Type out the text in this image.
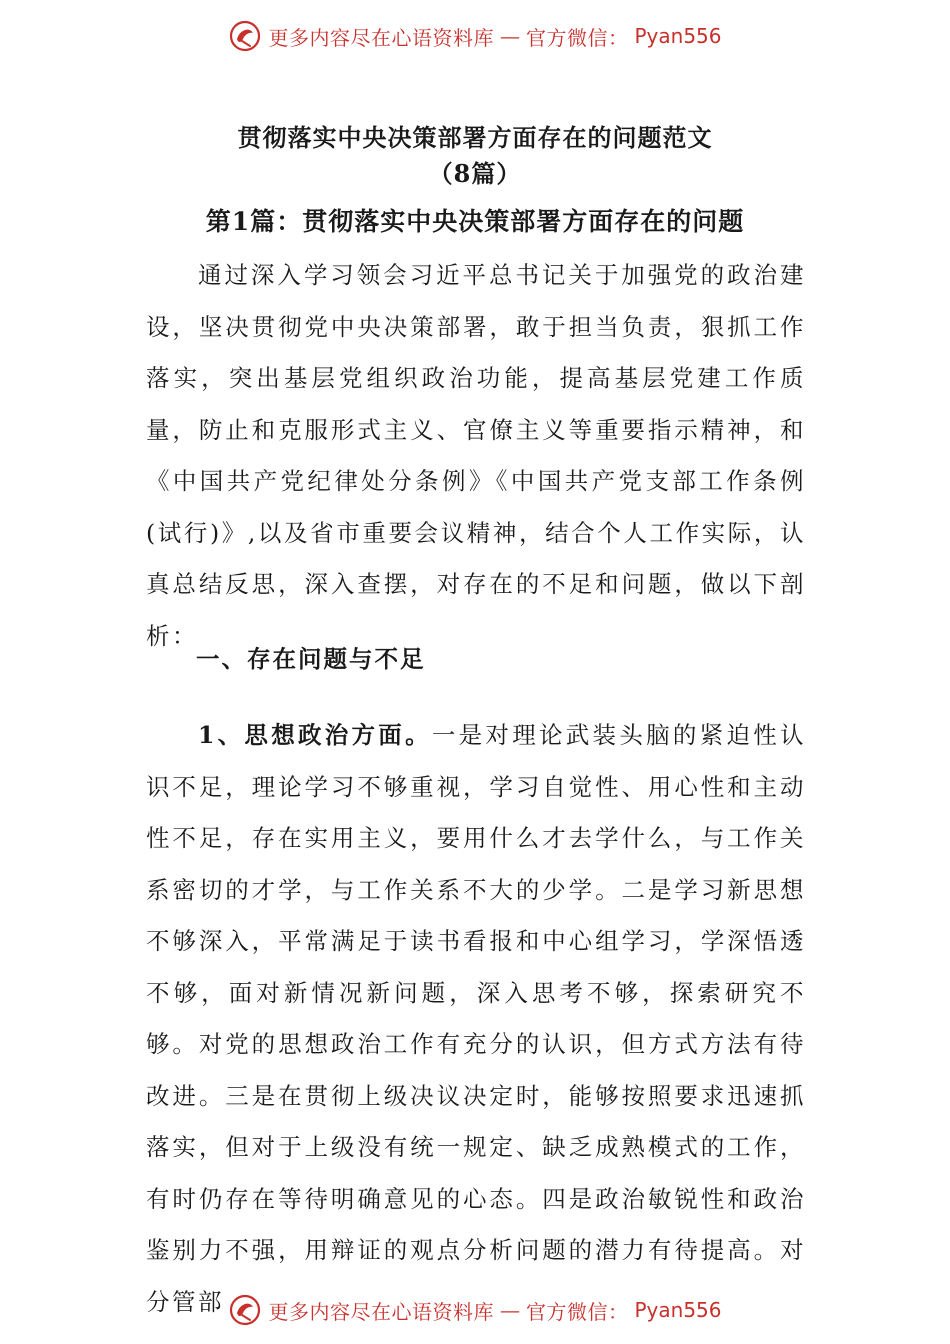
更多内容尽在心语资料库 — 官方微信： Pyan556
贯彻落实中央决策部署方面存在的问题范文
（8篇）
第1篇：贯彻落实中央决策部署方面存在的问题
通过深入学习领会习近平总书记关于加强党的政治建设，坚决贯彻党中央决策部署，敢于担当负责，狠抓工作落实，突出基层党组织政治功能，提高基层党建工作质量，防止和克服形式主义、官僚主义等重要指示精神，和《中国共产党纪律处分条例》《中国共产党支部工作条例(试行)》,以及省市重要会议精神，结合个人工作实际，认真总结反思，深入查摆，对存在的不足和问题，做以下剖析：
一、存在问题与不足
1、思想政治方面。一是对理论武装头脑的紧迫性认识不足，理论学习不够重视，学习自觉性、用心性和主动性不足，存在实用主义，要用什么才去学什么，与工作关系密切的才学，与工作关系不大的少学。二是学习新思想不够深入，平常满足于读书看报和中心组学习，学深悟透不够，面对新情况新问题，深入思考不够，探索研究不够。对党的思想政治工作有充分的认识，但方式方法有待改进。三是在贯彻上级决议决定时，能够按照要求迅速抓落实，但对于上级没有统一规定、缺乏成熟模式的工作，有时仍存在等待明确意见的心态。四是政治敏锐性和政治鉴别力不强，用辩证的观点分析问题的潜力有待提高。对分管部	更多内容尽在心语资料库 — 官方微信： Pyan556
